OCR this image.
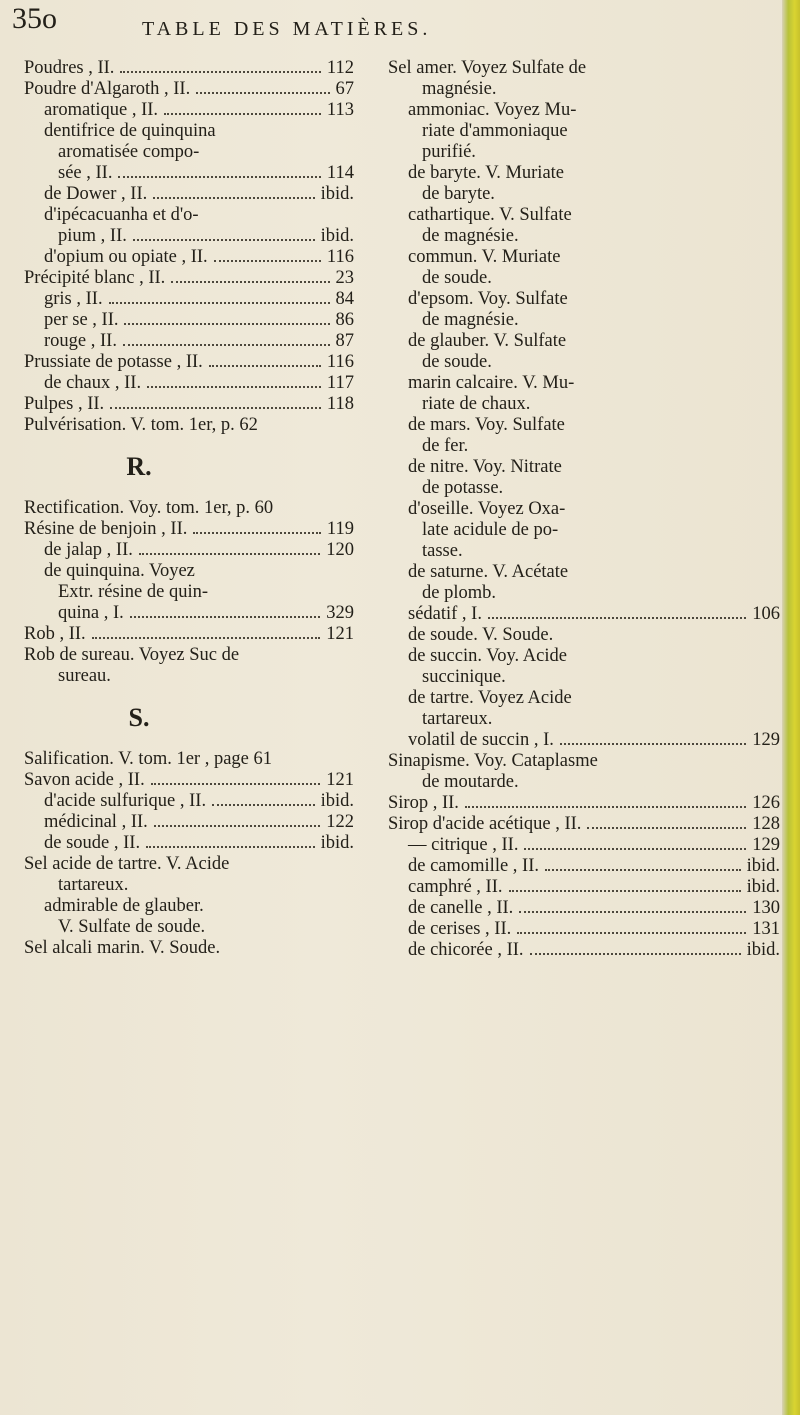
35o	TABLE DES MATIÈRES.
Poudres , II.	112
Poudre d'Algaroth , II.	67
aromatique , II.	113
dentifrice de quinquina
aromatisée compo-
sée , II.	114
de Dower , II.	ibid.
d'ipécacuanha et d'o-
pium , II.	ibid.
d'opium ou opiate , II.	116
Précipité blanc , II.	23
gris , II.	84
per se , II.	86
rouge , II.	87
Prussiate de potasse , II.	116
de chaux , II.	117
Pulpes , II.	118
Pulvérisation. V. tom. 1er, p. 62
R.
Rectification. Voy. tom. 1er, p. 60
Résine de benjoin , II.	119
de jalap , II.	120
de quinquina. Voyez
Extr. résine de quin-
quina , I.	329
Rob , II.	121
Rob de sureau. Voyez Suc de
sureau.
S.
Salification. V. tom. 1er , page 61
Savon acide , II.	121
d'acide sulfurique , II.	ibid.
médicinal , II.	122
de soude , II.	ibid.
Sel acide de tartre. V. Acide
tartareux.
admirable de glauber.
V. Sulfate de soude.
Sel alcali marin. V. Soude.
Sel amer. Voyez Sulfate de
magnésie.
ammoniac. Voyez Mu-
riate d'ammoniaque
purifié.
de baryte. V. Muriate
de baryte.
cathartique. V. Sulfate
de magnésie.
commun. V. Muriate
de soude.
d'epsom. Voy. Sulfate
de magnésie.
de glauber. V. Sulfate
de soude.
marin calcaire. V. Mu-
riate de chaux.
de mars. Voy. Sulfate
de fer.
de nitre. Voy. Nitrate
de potasse.
d'oseille. Voyez Oxa-
late acidule de po-
tasse.
de saturne. V. Acétate
de plomb.
sédatif , I.	106
de soude. V. Soude.
de succin. Voy. Acide
succinique.
de tartre. Voyez Acide
tartareux.
volatil de succin , I.	129
Sinapisme. Voy. Cataplasme
de moutarde.
Sirop , II.	126
Sirop d'acide acétique , II.	128
— citrique , II.	129
de camomille , II.	ibid.
camphré , II.	ibid.
de canelle , II.	130
de cerises , II.	131
de chicorée , II.	ibid.
